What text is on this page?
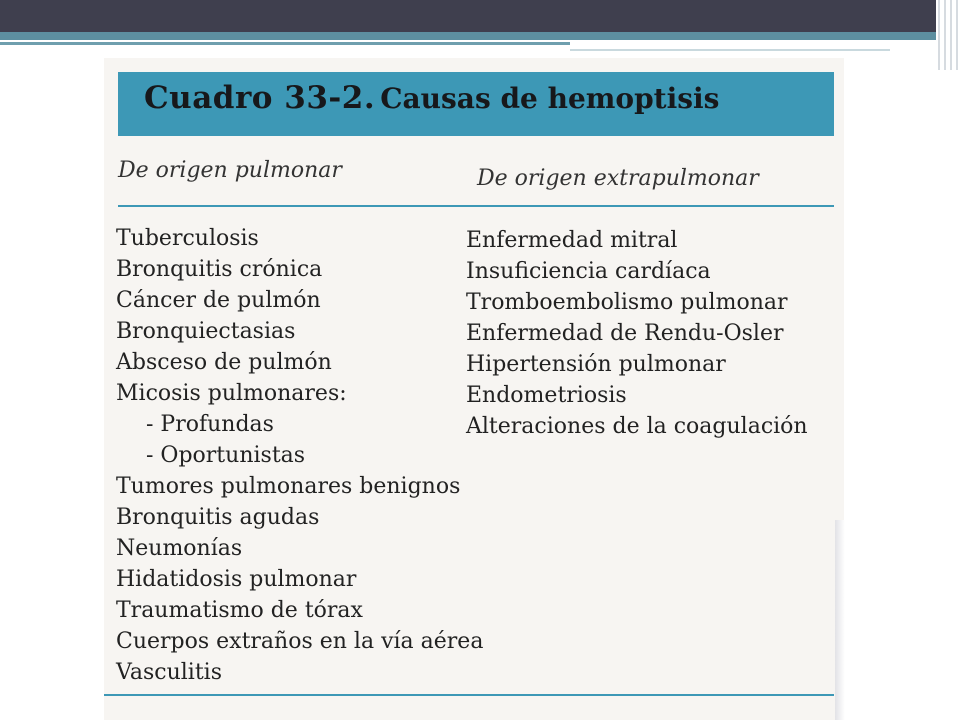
Cuadro 33-2. Causas de hemoptisis
De origen pulmonar	De origen extrapulmonar
Tuberculosis
Bronquitis crónica
Cáncer de pulmón
Bronquiectasias
Absceso de pulmón
Micosis pulmonares:
- Profundas
- Oportunistas
Tumores pulmonares benignos
Bronquitis agudas
Neumonías
Hidatidosis pulmonar
Traumatismo de tórax
Cuerpos extraños en la vía aérea
Vasculitis
Enfermedad mitral
Insuficiencia cardíaca
Tromboembolismo pulmonar
Enfermedad de Rendu-Osler
Hipertensión pulmonar
Endometriosis
Alteraciones de la coagulación
